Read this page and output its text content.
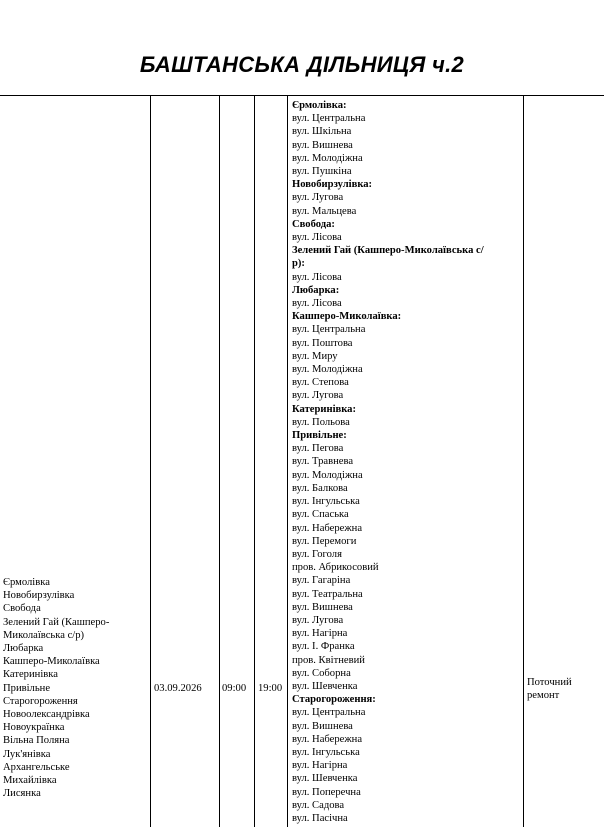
БАШТАНСЬКА ДІЛЬНИЦЯ ч.2
Єрмолівка
Новобирзулівка
Свобода
Зелений Гай (Кашперо-
Миколаївська с/р)
Любарка
Кашперо-Миколаївка
Катеринівка
Привільне
Старогороження
Новоолександрівка
Новоукраїнка
Вільна Поляна
Лук'янівка
Архангельське
Михайлівка
Лисянка
03.09.2026 09:00 19:00
Єрмолівка:
вул. Центральна
вул. Шкільна
вул. Вишнева
вул. Молодіжна
вул. Пушкіна
Новобирзулівка:
вул. Лугова
вул. Мальцева
Свобода:
вул. Лісова
Зелений Гай (Кашперо-Миколаївська с/
р):
вул. Лісова
Любарка:
вул. Лісова
Кашперо-Миколаївка:
вул. Центральна
вул. Поштова
вул. Миру
вул. Молодіжна
вул. Степова
вул. Лугова
Катеринівка:
вул. Польова
Привільне:
вул. Пегова
вул. Травнева
вул. Молодіжна
вул. Балкова
вул. Інгульська
вул. Спаська
вул. Набережна
вул. Перемоги
вул. Гоголя
пров. Абрикосовий
вул. Гагаріна
вул. Театральна
вул. Вишнева
вул. Лугова
вул. Нагірна
вул. І. Франка
пров. Квітневий
вул. Соборна
вул. Шевченка
Старогороження:
вул. Центральна
вул. Вишнева
вул. Набережна
вул. Інгульська
вул. Нагірна
вул. Шевченка
вул. Поперечна
вул. Садова
вул. Пасічна
Поточний ремонт
